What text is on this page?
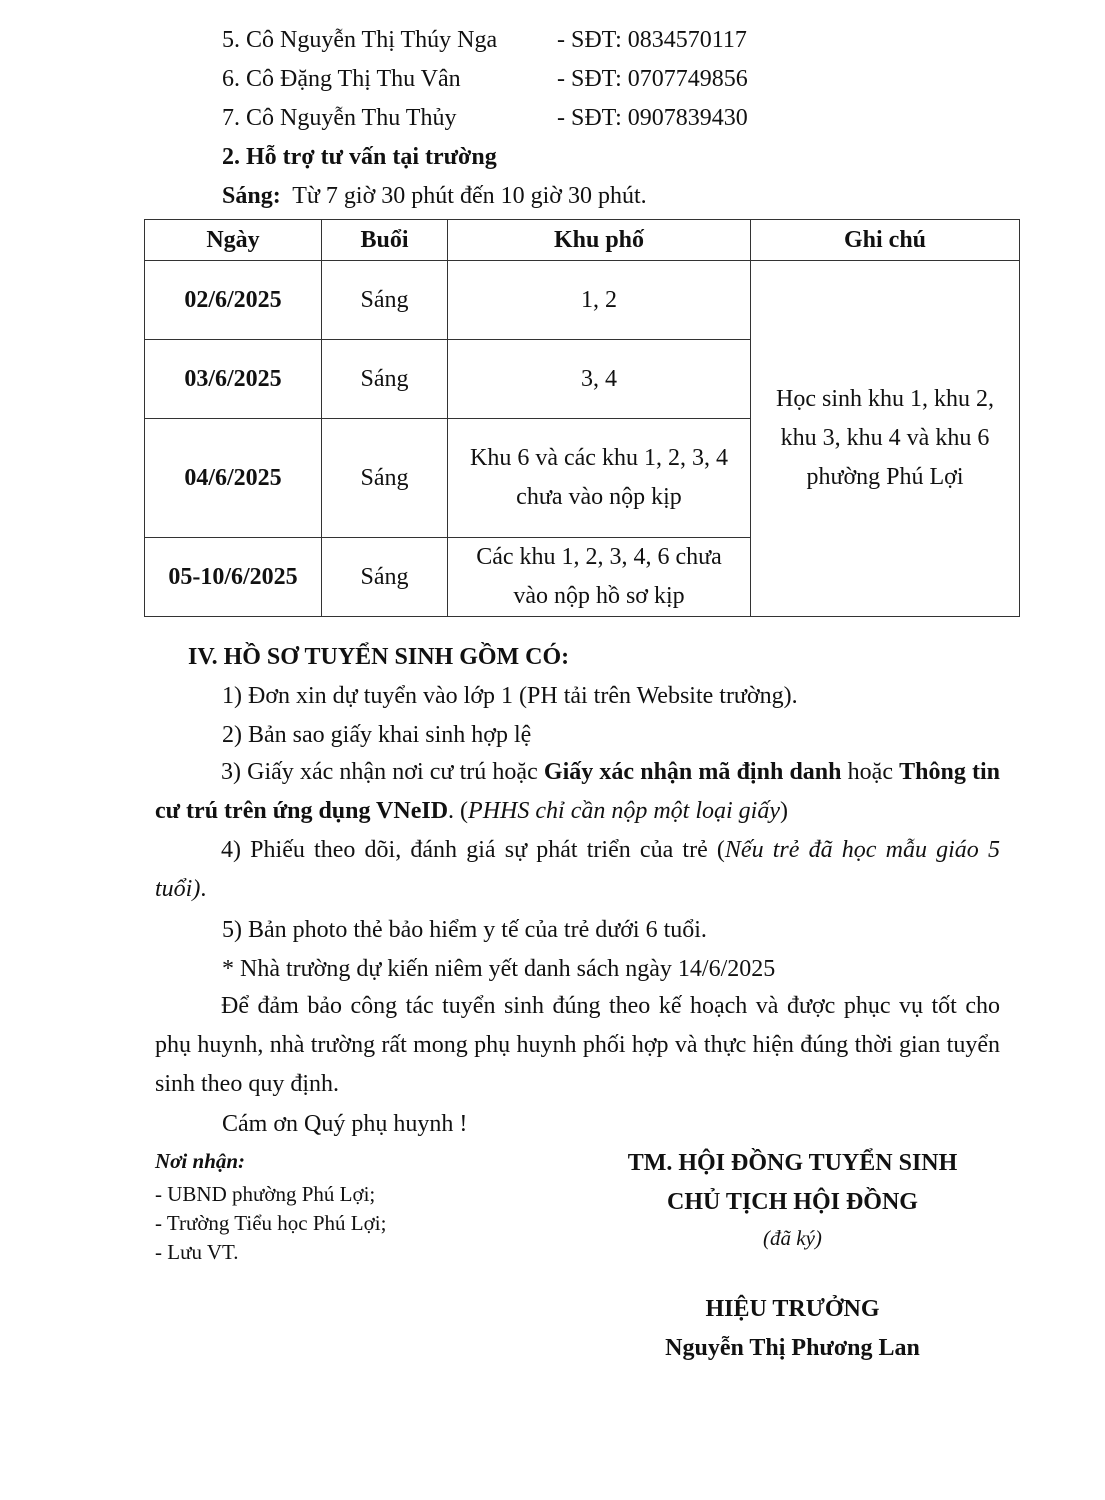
5. Cô Nguyễn Thị Thúy Nga - SĐT: 0834570117
6. Cô Đặng Thị Thu Vân	- SĐT: 0707749856
7. Cô Nguyễn Thu Thủy	- SĐT: 0907839430
2. Hỗ trợ tư vấn tại trường
Sáng: Từ 7 giờ 30 phút đến 10 giờ 30 phút.
Ngày	Buổi	Khu phố	Ghi chú
02/6/2025	Sáng	1, 2	Học sinh khu 1, khu 2,
khu 3, khu 4 và khu 6
phường Phú Lợi

03/6/2025	Sáng	3, 4	
04/6/2025	Sáng	Khu 6 và các khu 1, 2, 3, 4
chưa vào nộp kịp	

05-10/6/2025	Sáng	Các khu 1, 2, 3, 4, 6 chưa
vào nộp hồ sơ kịp	
IV. HỒ SƠ TUYỂN SINH GỒM CÓ:
1) Đơn xin dự tuyển vào lớp 1 (PH tải trên Website trường).
2) Bản sao giấy khai sinh hợp lệ
3) Giấy xác nhận nơi cư trú hoặc Giấy xác nhận mã định danh hoặc Thông tin cư trú trên ứng dụng VNeID. (PHHS chỉ cần nộp một loại giấy)
4) Phiếu theo dõi, đánh giá sự phát triển của trẻ (Nếu trẻ đã học mẫu giáo 5 tuổi).
5) Bản photo thẻ bảo hiểm y tế của trẻ dưới 6 tuổi.
* Nhà trường dự kiến niêm yết danh sách ngày 14/6/2025
Để đảm bảo công tác tuyển sinh đúng theo kế hoạch và được phục vụ tốt cho phụ huynh, nhà trường rất mong phụ huynh phối hợp và thực hiện đúng thời gian tuyển sinh theo quy định.
Cám ơn Quý phụ huynh !
Nơi nhận:
- UBND phường Phú Lợi;
- Trường Tiểu học Phú Lợi;
- Lưu VT.
TM. HỘI ĐỒNG TUYỂN SINH
CHỦ TỊCH HỘI ĐỒNG
(đã ký)
HIỆU TRƯỞNG
Nguyễn Thị Phương Lan
